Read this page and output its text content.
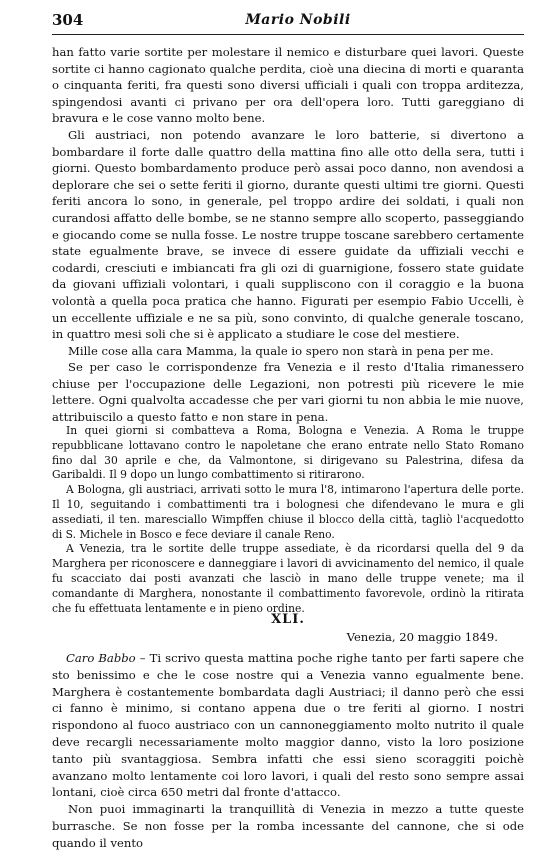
304	Mario Nobili

han fatto varie sortite per molestare il nemico e disturbare quei lavori. Queste sortite ci hanno cagionato qualche perdita, cioè una diecina di morti e quaranta o cinquanta feriti, fra questi sono diversi ufficiali i quali con troppa arditezza, spingendosi avanti ci privano per ora dell'opera loro. Tutti gareggiano di bravura e le cose vanno molto bene.

Gli austriaci, non potendo avanzare le loro batterie, si divertono a bombardare il forte dalle quattro della mattina fino alle otto della sera, tutti i giorni. Questo bombardamento produce però assai poco danno, non avendosi a deplorare che sei o sette feriti il giorno, durante questi ultimi tre giorni. Questi feriti ancora lo sono, in generale, pel troppo ardire dei soldati, i quali non curandosi affatto delle bombe, se ne stanno sempre allo scoperto, passeggiando e giocando come se nulla fosse. Le nostre truppe toscane sarebbero certamente state egualmente brave, se invece di essere guidate da uffiziali vecchi e codardi, cresciuti e imbiancati fra gli ozi di guarnigione, fossero state guidate da giovani uffiziali volontari, i quali suppliscono con il coraggio e la buona volontà a quella poca pratica che hanno. Figurati per esempio Fabio Uccelli, è un eccellente uffiziale e ne sa più, sono convinto, di qualche generale toscano, in quattro mesi soli che si è applicato a studiare le cose del mestiere.

Mille cose alla cara Mamma, la quale io spero non starà in pena per me.

Se per caso le corrispondenze fra Venezia e il resto d'Italia rimanessero chiuse per l'occupazione delle Legazioni, non potresti più ricevere le mie lettere. Ogni qualvolta accadesse che per vari giorni tu non abbia le mie nuove, attribuiscilo a questo fatto e non stare in pena.

In quei giorni si combatteva a Roma, Bologna e Venezia. A Roma le truppe repubblicane lottavano contro le napoletane che erano entrate nello Stato Romano fino dal 30 aprile e che, da Valmontone, si dirigevano su Palestrina, difesa da Garibaldi. Il 9 dopo un lungo combattimento si ritirarono.

A Bologna, gli austriaci, arrivati sotto le mura l'8, intimarono l'apertura delle porte. Il 10, seguitando i combattimenti tra i bolognesi che difendevano le mura e gli assediati, il ten. maresciallo Wimpffen chiuse il blocco della città, tagliò l'acquedotto di S. Michele in Bosco e fece deviare il canale Reno.

A Venezia, tra le sortite delle truppe assediate, è da ricordarsi quella del 9 da Marghera per riconoscere e danneggiare i lavori di avvicinamento del nemico, il quale fu scacciato dai posti avanzati che lasciò in mano delle truppe venete; ma il comandante di Marghera, nonostante il combattimento favorevole, ordinò la ritirata che fu effettuata lentamente e in pieno ordine.

XLI.
Venezia, 20 maggio 1849.

Caro Babbo – Ti scrivo questa mattina poche righe tanto per farti sapere che sto benissimo e che le cose nostre qui a Venezia vanno egualmente bene. Marghera è costantemente bombardata dagli Austriaci; il danno però che essi ci fanno è minimo, si contano appena due o tre feriti al giorno. I nostri rispondono al fuoco austriaco con un cannoneggiamento molto nutrito il quale deve recargli necessariamente molto maggior danno, visto la loro posizione tanto più svantaggiosa. Sembra infatti che essi sieno scoraggiti poichè avanzano molto lentamente coi loro lavori, i quali del resto sono sempre assai lontani, cioè circa 650 metri dal fronte d'attacco.

Non puoi immaginarti la tranquillità di Venezia in mezzo a tutte queste burrasche. Se non fosse per la romba incessante del cannone, che si ode quando il vento
